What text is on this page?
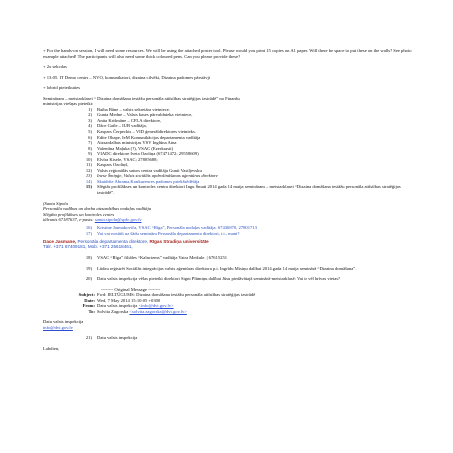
+ For the hands-on session, I will need some resources. We will be using the attached poster tool. Please would you print 15 copies on A1 paper. Will there be space to put these on the walls? See photo example attached! The participants will also need some thick coloured pens. Can you please provide these?

+ 2x sekcdas

+ 13:05. IT Demo centrs – NVO, komunikatori, dizaina cilvēki, Dizaina padomes pārstāvji

+ lobrid pieteikuties

Semināram – meistarklasei “ Dizaina domāšana iestāžu personāla attīstības stratēģijas izstrādē” no Finanšu

ministrijas viešņas pieteikt:

1)	Baiba Bāne – valsts sekretāra vietniece.
2)	Gunta Medne – Valsts kases pārvaldnieka vietniece,
3)	Anita Krišmāne – CFLA direktore,
4)	Dāce Gaile – IUB vadītāja,
5)	Kaspars Čerpeckis – VID ģenerāldirektores vietnieks.
6)	Edite Ohape, IeM Komunikācijas departamenta vadītāja
7)	Aizsardzības ministrijas VSV Inglūna Aina
8)	Valentīna Maļuka (?), VSAC (Ezerkrasti)
9)	VIADC direktore Iveta Ozoliņa (67471472; 29558609)
10)	Elvīra Kisele, VSAC; 27805688;
11)	Kaspars Ozoliņš,
12)	Valsts reģionālās saturs centra vadītāja Gunti Vasiljevsku
13)	Inese Šmiņģe, Valsts sociālās apdrošināšanas aģentūras direktore
14)	Skaidrīte Abrama,Konkurences padomes priekšsēdētāja
15)	Slēgtās profilākses un kontroles centra direktori Ingu Šmati 2014 gada 14 maija semināram – meistarklasei “Dizaina domāšana iestāžu personāla attīstības stratēģijas izstrādē”.

(Santa Sipola

Personāla vadības un darba aizsardzības nodaļas vadītāja

Slēgtba profilākses un kontroles centrs

tālrunis 67187637, e-pasts: santa.sipola@spkc.gov.lv

16)	Kristine Jarmakoviča, VSAC “Rīga”, Personāla nodaļas vadītāja. 67436870, 27801713
17)	Vai var nosūtīt uz šādu semināru Personāla departamenta direktori, t.i., mani?

Dace Jasmane, Personāla departamenta direktore, Rīgas Stradiņa universitāte

Tālr. +371 67409181, Mob. +371 25618461,

18)	VSAC “Rīga” filiāles “Kalnciems” vadītāja Vaira Meižule. | 67615251
19)	Lūdzu reģistrēt Sociālās integrācijas valsts aģentūras direktora p.i. Ingrīdu Misiņu dalībai 2014.gada 14 maija seminārā “Dizaina domāšana”.
20)	Datu valsts inspekcija vēlas pieteikt direktori Signi Plūmiņu dalībai Jūsu piedāvātajā seminārā-meistarklasē: Vai ir vēl brīvas vietas?

-------- Original Message --------

Subject: Fwd: IELTŪGUMS: Dizaina domāšana iestāžu personāla attīstības stratēģijas izstrādē
Date: Wed, 7 May 2014 15:10:05 +0300
From: Datu valsts inspekcija <info@dvi.gov.lv>
To: Solvita Zagorska <solvita.zagorska@dvi.gov.lv>

Datu valsts inspekcija

info@dvi.gov.lv

21)	Datu valsts inspekcija

Labdien,
